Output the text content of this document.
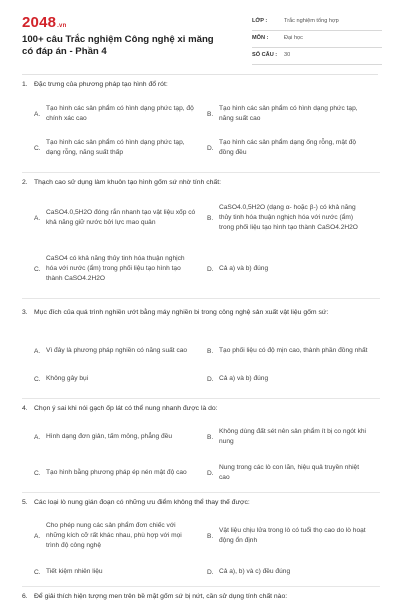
2048.vn
100+ câu Trắc nghiệm Công nghệ xi măng có đáp án - Phần 4
LỚP :	Trắc nghiệm tổng hợp
MÔN :	Đại học
SỐ CÂU : 30
1. Đặc trưng của phương pháp tạo hình đổ rót:
A.
Tạo hình các sản phẩm có hình dạng phức tạp, độ chính xác cao
B.
Tạo hình các sản phẩm có hình dạng phức tạp, năng suất cao
C.
Tạo hình các sản phẩm có hình dạng phức tạp, dạng rỗng, năng suất thấp
D.
Tạo hình các sản phẩm dạng ống rỗng, mật độ đồng đều
2. Thạch cao sử dụng làm khuôn tạo hình gốm sứ nhờ tính chất:
A.
CaSO4.0,5H2O đóng rắn nhanh tạo vật liệu xốp có khả năng giữ nước bởi lực mao quản
B.
CaSO4.0,5H2O (dạng α- hoặc β-) có khả năng thủy tinh hóa thuận nghịch hóa với nước (ẩm) trong phối liệu tạo hình tạo thành CaSO4.2H2O
C.
CaSO4 có khả năng thủy tinh hóa thuận nghịch hóa với nước (ẩm) trong phối liệu tạo hình tạo thành CaSO4.2H2O
D. Cả a) và b) đúng
3. Mục đích của quá trình nghiền ướt bằng máy nghiền bi trong công nghệ sản xuất vật liệu gốm sứ:
A. Vì đây là phương pháp nghiền có năng suất cao	B. Tạo phối liệu có độ mịn cao, thành phần đồng nhất
C. Không gây bụi	D. Cả a) và b) đúng
4. Chọn ý sai khi nói gạch ốp lát có thể nung nhanh được là do:
A. Hình dạng đơn giản, tấm mỏng, phẳng đều	B.
Không dùng đất sét nên sản phẩm ít bị co ngót khi nung
C. Tạo hình bằng phương pháp ép nén mật độ cao	D.
Nung trong các lò con lăn, hiệu quả truyền nhiệt cao
5. Các loại lò nung gián đoạn có những ưu điểm không thể thay thế được:
A.
Cho phép nung các sản phẩm đơn chiếc với những kích cỡ rất khác nhau, phù hợp với mọi trình độ công nghệ
B.
Vật liệu chịu lửa trong lò có tuổi thọ cao do lò hoạt động ổn định
C. Tiết kiệm nhiên liệu	D. Cả a), b) và c) đều đúng
6. Để giải thích hiện tượng men trên bề mặt gốm sứ bị nứt, cần sử dụng tính chất nào:
